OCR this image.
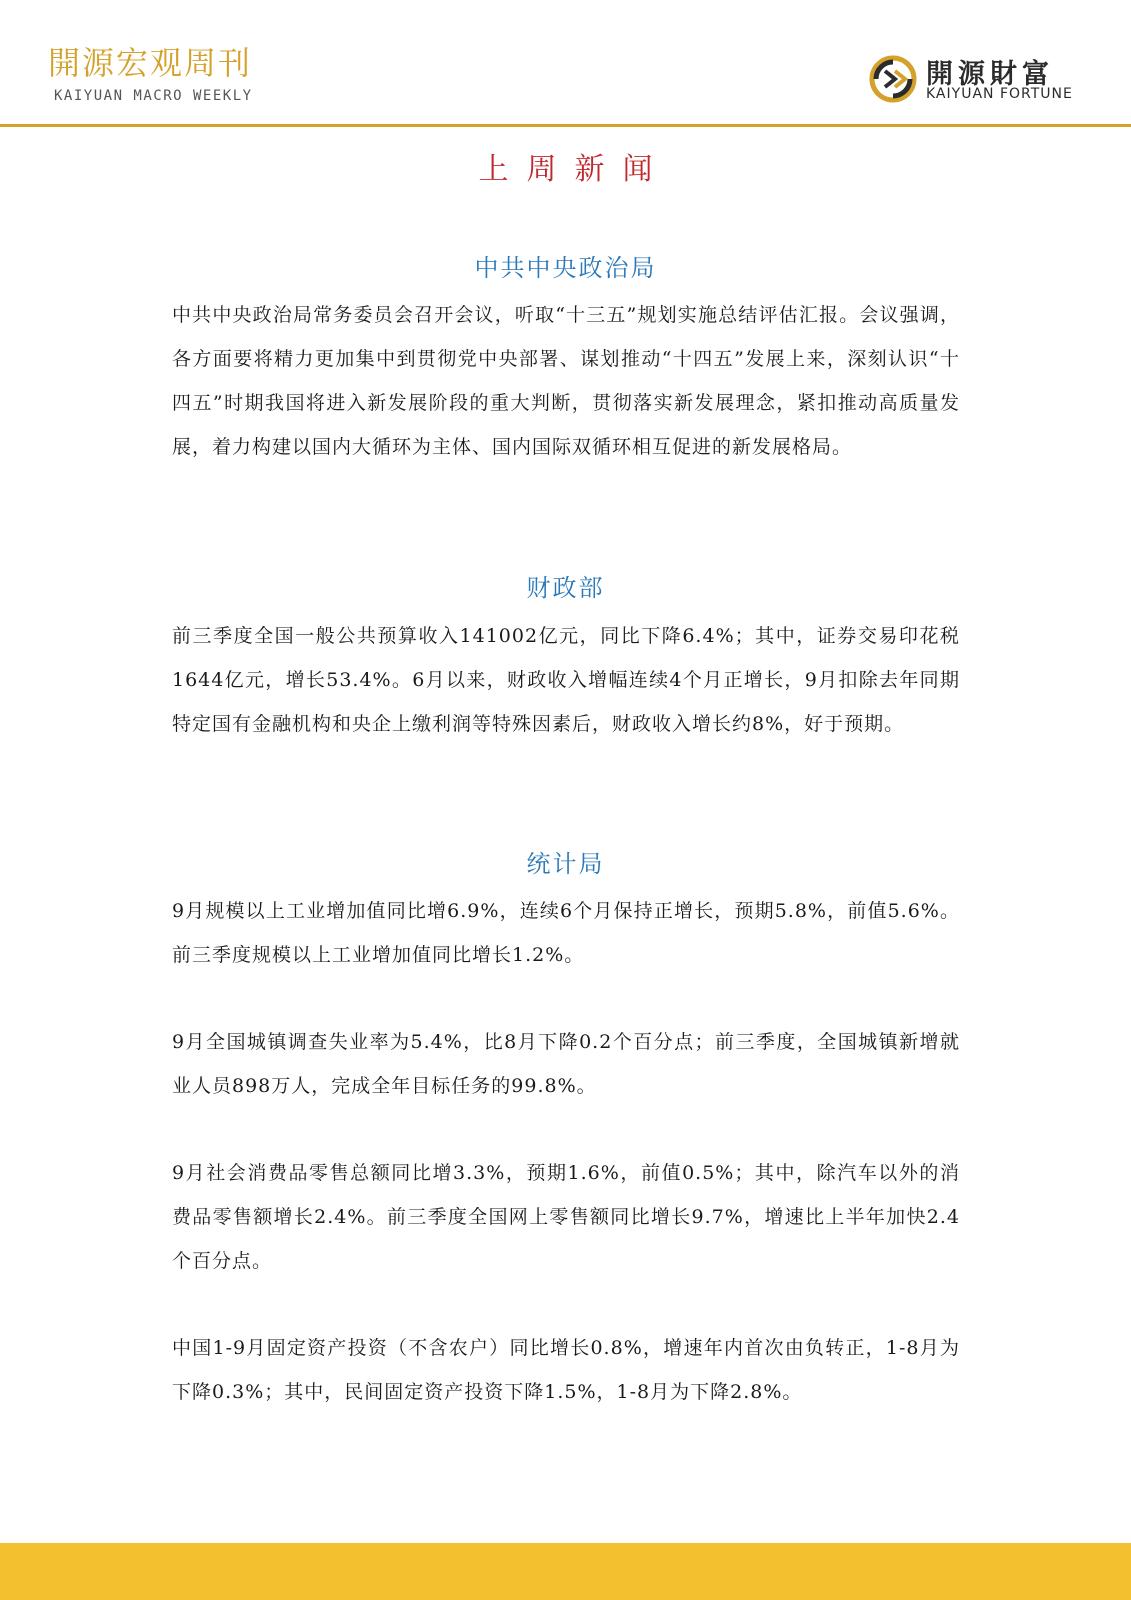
開源宏观周刊
KAIYUAN MACRO WEEKLY
開源財富
KAIYUAN FORTUNE
上周新闻
中共中央政治局
中共中央政治局常务委员会召开会议，听取“十三五”规划实施总结评估汇报。会议强调，各方面要将精力更加集中到贯彻党中央部署、谋划推动“十四五”发展上来，深刻认识“十四五”时期我国将进入新发展阶段的重大判断，贯彻落实新发展理念，紧扣推动高质量发展，着力构建以国内大循环为主体、国内国际双循环相互促进的新发展格局。
财政部
前三季度全国一般公共预算收入141002亿元，同比下降6.4%；其中，证券交易印花税1644亿元，增长53.4%。6月以来，财政收入增幅连续4个月正增长，9月扣除去年同期特定国有金融机构和央企上缴利润等特殊因素后，财政收入增长约8%，好于预期。
统计局
9月规模以上工业增加值同比增6.9%，连续6个月保持正增长，预期5.8%，前值5.6%。前三季度规模以上工业增加值同比增长1.2%。
9月全国城镇调查失业率为5.4%，比8月下降0.2个百分点；前三季度，全国城镇新增就业人员898万人，完成全年目标任务的99.8%。
9月社会消费品零售总额同比增3.3%，预期1.6%，前值0.5%；其中，除汽车以外的消费品零售额增长2.4%。前三季度全国网上零售额同比增长9.7%，增速比上半年加快2.4个百分点。
中国1-9月固定资产投资（不含农户）同比增长0.8%，增速年内首次由负转正，1-8月为下降0.3%；其中，民间固定资产投资下降1.5%，1-8月为下降2.8%。
